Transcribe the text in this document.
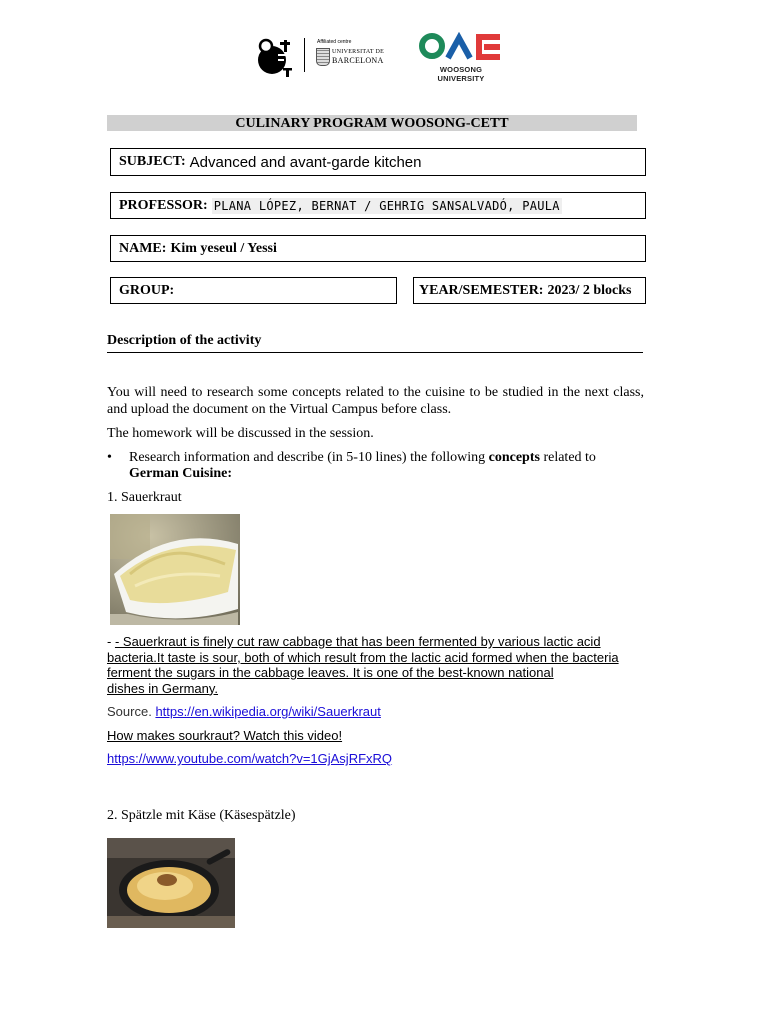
Affiliated centre
UNIVERSITAT DE
BARCELONA
WOOSONG UNIVERSITY
CULINARY PROGRAM WOOSONG-CETT
SUBJECT: Advanced and avant-garde kitchen
PROFESSOR: PLANA LÓPEZ, BERNAT / GEHRIG SANSALVADÓ, PAULA
NAME: Kim yeseul / Yessi
GROUP:	YEAR/SEMESTER: 2023/ 2 blocks
Description of the activity
You will need to research some concepts related to the cuisine to be studied in the next class, and upload the document on the Virtual Campus before class.
The homework will be discussed in the session.
• Research information and describe (in 5-10 lines) the following concepts related to German Cuisine:
1. Sauerkraut
- - Sauerkraut is finely cut raw cabbage that has been fermented by various lactic acid
bacteria.It taste is sour, both of which result from the lactic acid formed when the bacteria
ferment the sugars in the cabbage leaves. It is one of the best-known national
dishes in Germany.
Source. https://en.wikipedia.org/wiki/Sauerkraut
How makes sourkraut? Watch this video!
https://www.youtube.com/watch?v=1GjAsjRFxRQ
2. Spätzle mit Käse (Käsespätzle)
